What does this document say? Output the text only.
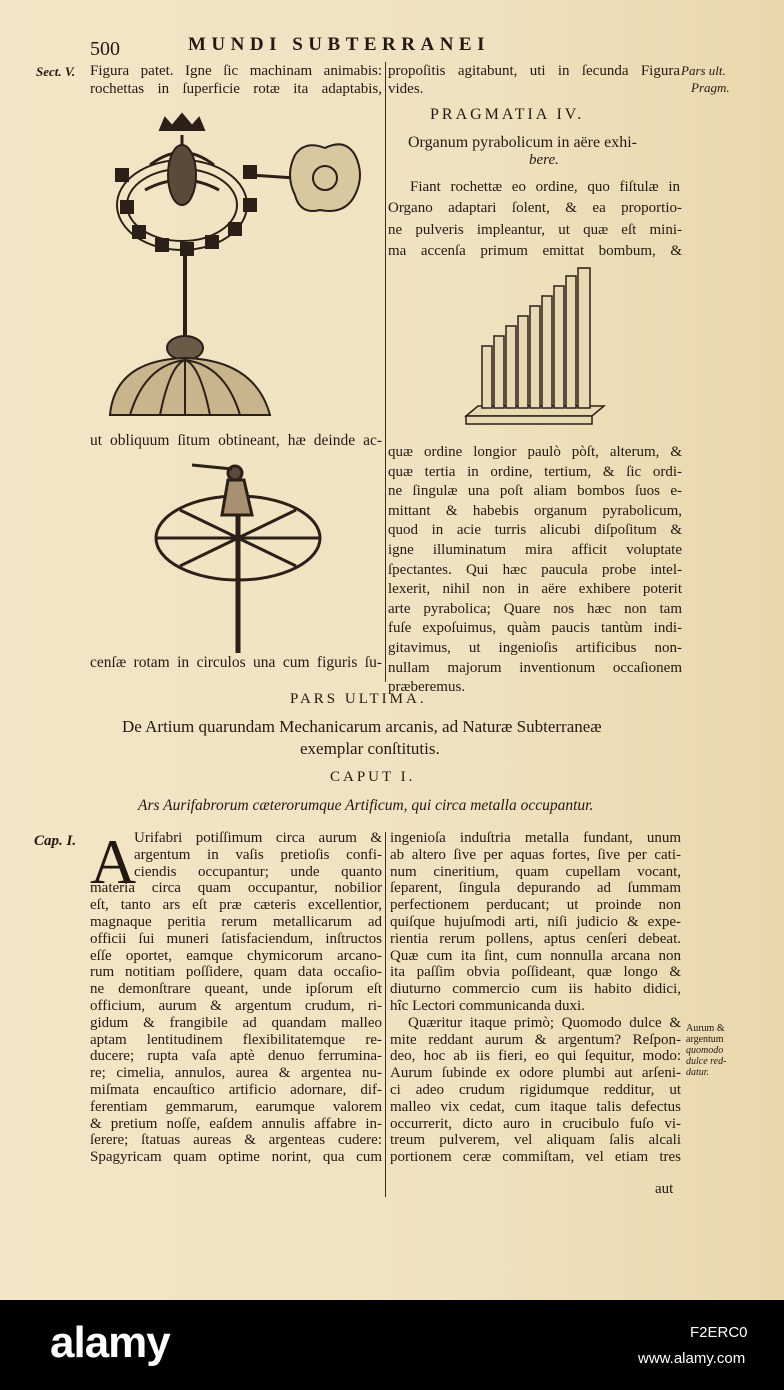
500	MUNDI SUBTERRANEI
Sect. V. Figura patet. Igne ſic machinam animabis:
rochettas in ſuperficie rotæ ita adaptabis,
propoſitis agitabunt, uti in ſecunda Figura
vides.
Fiant rochettæ eo ordine, quo fiſtulæ in
Organo adaptari ſolent, & ea proportio-
ne pulveris impleantur, ut quæ eſt mini-
ma accenſa primum emittat bombum, &
quæ ordine longior paulò pòſt, alterum, &
quæ tertia in ordine, tertium, & ſic ordi-
ne ſingulæ una poſt aliam bombos ſuos e-
mittant & habebis organum pyrabolicum,
quod in acie turris alicubi diſpoſitum &
igne illuminatum mira afficit voluptate
ſpectantes. Qui hæc paucula probe intel-
lexerit, nihil non in aëre exhibere poterit
arte pyrabolica; Quare nos hæc non tam
fuſe expoſuimus, quàm paucis tantùm indi-
gitavimus, ut ingenioſis artificibus non-
nullam majorum inventionum occaſionem
præberemus.
Pars ult.
Pragm.
PRAGMATIA IV.
Organum pyrabolicum in aëre exhi-
bere.
ut obliquum ſitum obtineant, hæ deinde ac-
cenſæ rotam in circulos una cum figuris ſu-
PARS ULTIMA.
De Artium quarundam Mechanicarum arcanis, ad Naturæ Subterraneæ
exemplar conſtitutis.
CAPUT I.
Ars Aurifabrorum cæterorumque Artificum, qui circa metalla occupantur.
Cap. I. A
Urifabri potiſſimum circa aurum &
argentum in vaſis pretioſis confi-
ciendis occupantur; unde quanto
materia circa quam occupantur, nobilior
eſt, tanto ars eſt præ cæteris excellentior,
magnaque peritia rerum metallicarum ad
officii ſui muneri ſatisfaciendum, inſtructos
eſſe oportet, eamque chymicorum arcano-
rum notitiam poſſidere, quam data occaſio-
ne demonſtrare queant, unde ipſorum eſt
officium, aurum & argentum crudum, ri-
gidum & frangibile ad quandam malleo
aptam lentitudinem flexibilitatemque re-
ducere; rupta vaſa aptè denuo ferrumina-
re; cimelia, annulos, aurea & argentea nu-
miſmata encauſtico artificio adornare, dif-
ferentiam gemmarum, earumque valorem
& pretium noſſe, eaſdem annulis affabre in-
ſerere; ſtatuas aureas & argenteas cudere:
Spagyricam quam optime norint, qua cum
ingenioſa induſtria metalla fundant, unum
ab altero ſive per aquas fortes, ſive per cati-
num cineritium, quam cupellam vocant,
ſeparent, ſingula depurando ad ſummam
perfectionem perducant; ut proinde non
quiſque hujuſmodi arti, niſi judicio & expe-
rientia rerum pollens, aptus cenſeri debeat.
Quæ cum ita ſint, cum nonnulla arcana non
ita paſſim obvia poſſideant, quæ longo &
diuturno commercio cum iis habito didici,
hîc Lectori communicanda duxi.
Quæritur itaque primò; Quomodo dulce &
mite reddant aurum & argentum? Reſpon-
deo, hoc ab iis fieri, eo qui ſequitur, modo:
Aurum ſubinde ex odore plumbi aut arſeni-
ci adeo crudum rigidumque redditur, ut
malleo vix cedat, cum itaque talis defectus
occurrerit, dicto auro in crucibulo fuſo vi-
treum pulverem, vel aliquam ſalis alcali
portionem ceræ commiſtam, vel etiam tres
aut
Aurum &
argentum
quomodo
dulce red-
datur.
alamy	F2ERC0
www.alamy.com
